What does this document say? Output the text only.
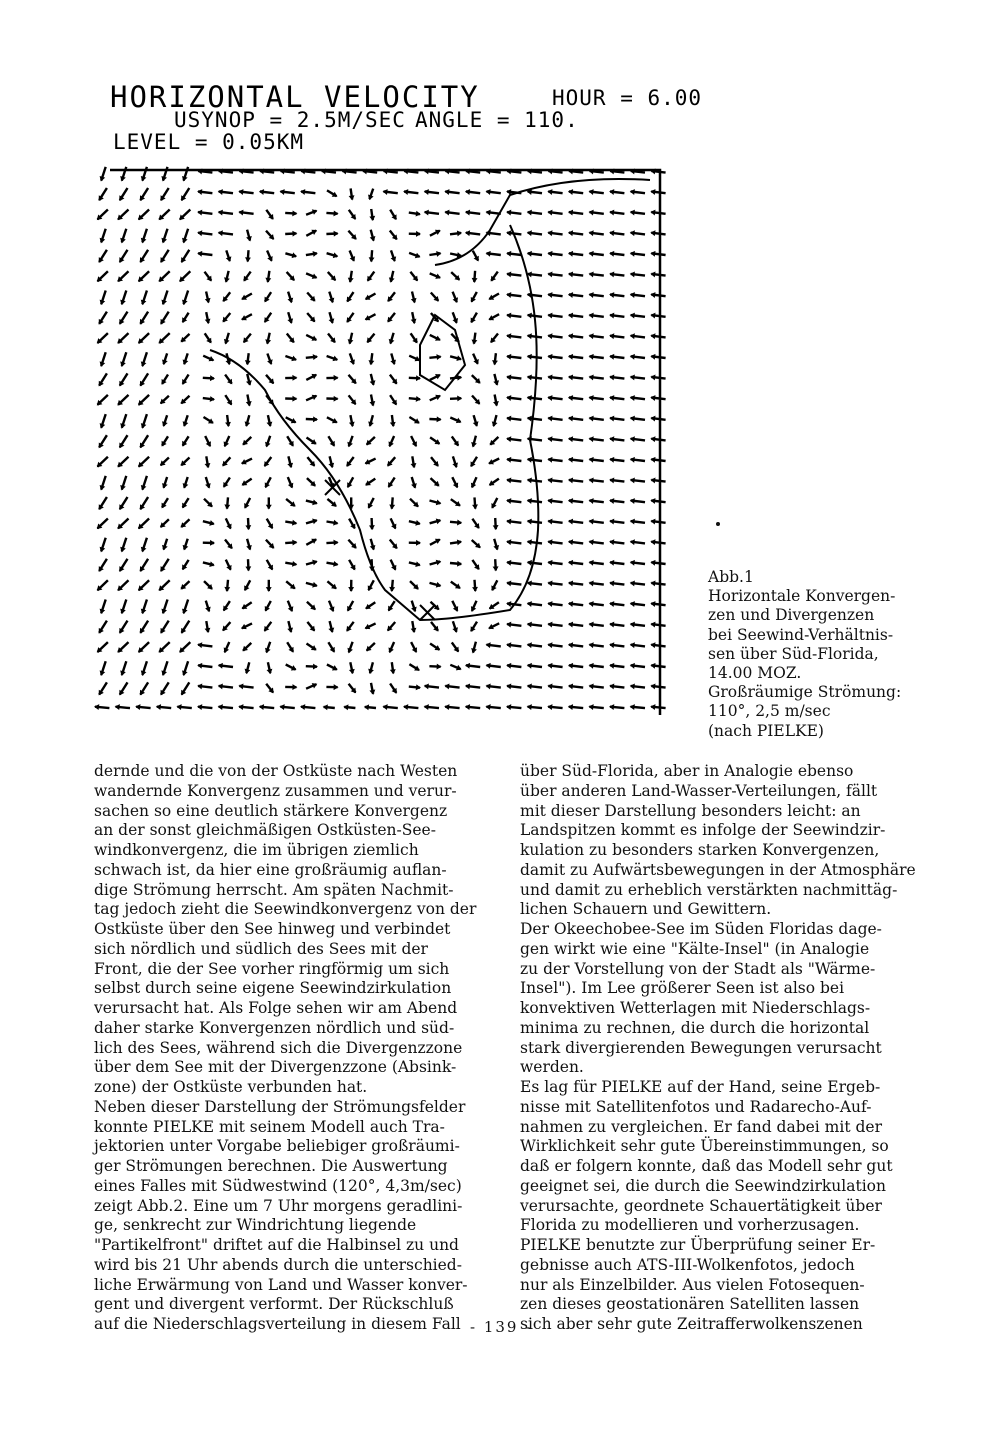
HORIZONTAL VELOCITY	HOUR = 6.00
USYNOP = 2.5M/SEC ANGLE = 110.
LEVEL = 0.05KM
Abb.1
Horizontale Konvergen-
zen und Divergenzen
bei Seewind-Verhältnis-
sen über Süd-Florida,
14.00 MOZ.
Großräumige Strömung:
110°, 2,5 m/sec
(nach PIELKE)
dernde und die von der Ostküste nach Westen
wandernde Konvergenz zusammen und verur-
sachen so eine deutlich stärkere Konvergenz
an der sonst gleichmäßigen Ostküsten-See-
windkonvergenz, die im übrigen ziemlich
schwach ist, da hier eine großräumig auflan-
dige Strömung herrscht. Am späten Nachmit-
tag jedoch zieht die Seewindkonvergenz von der
Ostküste über den See hinweg und verbindet
sich nördlich und südlich des Sees mit der
Front, die der See vorher ringförmig um sich
selbst durch seine eigene Seewindzirkulation
verursacht hat. Als Folge sehen wir am Abend
daher starke Konvergenzen nördlich und süd-
lich des Sees, während sich die Divergenzzone
über dem See mit der Divergenzzone (Absink-
zone) der Ostküste verbunden hat.
Neben dieser Darstellung der Strömungsfelder
konnte PIELKE mit seinem Modell auch Tra-
jektorien unter Vorgabe beliebiger großräumi-
ger Strömungen berechnen. Die Auswertung
eines Falles mit Südwestwind (120°, 4,3m/sec)
zeigt Abb.2. Eine um 7 Uhr morgens geradlini-
ge, senkrecht zur Windrichtung liegende
"Partikelfront" driftet auf die Halbinsel zu und
wird bis 21 Uhr abends durch die unterschied-
liche Erwärmung von Land und Wasser konver-
gent und divergent verformt. Der Rückschluß
auf die Niederschlagsverteilung in diesem Fall
über Süd-Florida, aber in Analogie ebenso
über anderen Land-Wasser-Verteilungen, fällt
mit dieser Darstellung besonders leicht: an
Landspitzen kommt es infolge der Seewindzir-
kulation zu besonders starken Konvergenzen,
damit zu Aufwärtsbewegungen in der Atmosphäre
und damit zu erheblich verstärkten nachmittäg-
lichen Schauern und Gewittern.
Der Okeechobee-See im Süden Floridas dage-
gen wirkt wie eine "Kälte-Insel" (in Analogie
zu der Vorstellung von der Stadt als "Wärme-
Insel"). Im Lee größerer Seen ist also bei
konvektiven Wetterlagen mit Niederschlags-
minima zu rechnen, die durch die horizontal
stark divergierenden Bewegungen verursacht
werden.
Es lag für PIELKE auf der Hand, seine Ergeb-
nisse mit Satellitenfotos und Radarecho-Auf-
nahmen zu vergleichen. Er fand dabei mit der
Wirklichkeit sehr gute Übereinstimmungen, so
daß er folgern konnte, daß das Modell sehr gut
geeignet sei, die durch die Seewindzirkulation
verursachte, geordnete Schauertätigkeit über
Florida zu modellieren und vorherzusagen.
PIELKE benutzte zur Überprüfung seiner Er-
gebnisse auch ATS-III-Wolkenfotos, jedoch
nur als Einzelbilder. Aus vielen Fotosequen-
zen dieses geostationären Satelliten lassen
sich aber sehr gute Zeitrafferwolkenszenen
- 139 -
